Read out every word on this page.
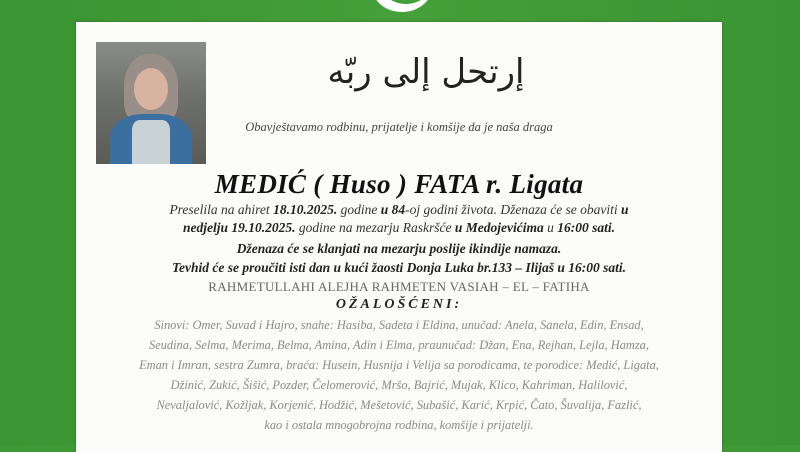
إرتحل إلى ربّه
Obavještavamo rodbinu, prijatelje i komšije da je naša draga
MEDIĆ ( Huso ) FATA r. Ligata
Preselila na ahiret 18.10.2025. godine u 84-oj godini života. Dženaza će se obaviti u
nedjelju 19.10.2025. godine na mezarju Raskršće u Medojevićima u 16:00 sati.
Dženaza će se klanjati na mezarju poslije ikindije namaza.
Tevhid će se proučiti isti dan u kući žaosti Donja Luka br.133 – Ilijaš u 16:00 sati.
RAHMETULLAHI ALEJHA RAHMETEN VASIAH – EL – FATIHA
OŽALOŠĆENI:
Sinovi: Omer, Suvad i Hajro, snahe: Hasiba, Sadeta i Eldina, unučad: Anela, Sanela, Edin, Ensad,
Seudina, Selma, Merima, Belma, Amina, Adin i Elma, praunučad: Džan, Ena, Rejhan, Lejla, Hamza,
Eman i Imran, sestra Zumra, braća: Husein, Husnija i Velija sa porodicama, te porodice: Medić, Ligata,
Džinić, Zukić, Šišić, Pozder, Čelomerović, Mršo, Bajrić, Mujak, Klico, Kahriman, Halilović,
Nevaljalović, Kožljak, Korjenić, Hodžić, Mešetović, Subašić, Karić, Krpić, Čato, Šuvalija, Fazlić,
kao i ostala mnogobrojna rodbina, komšije i prijatelji.
